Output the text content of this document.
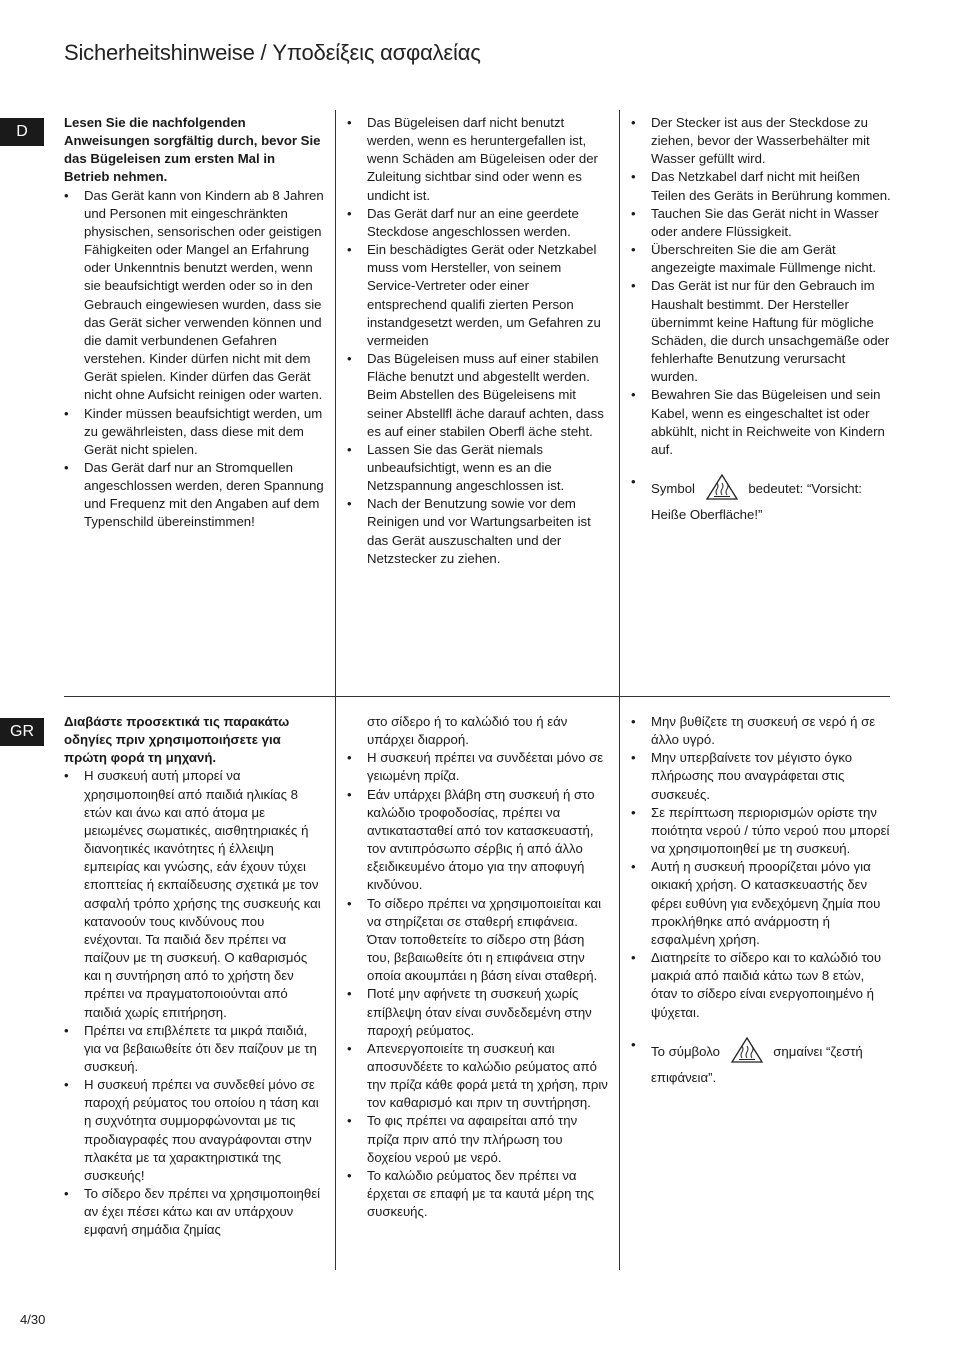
Sicherheitshinweise / Υποδείξεις ασφαλείας
D

Lesen Sie die nachfolgenden Anweisungen sorgfältig durch, bevor Sie das Bügeleisen zum ersten Mal in Betrieb nehmen.

• Das Gerät kann von Kindern ab 8 Jahren und Personen mit eingeschränkten physischen, sensorischen oder geistigen Fähigkeiten oder Mangel an Erfahrung oder Unkenntnis benutzt werden, wenn sie beaufsichtigt werden oder so in den Gebrauch eingewiesen wurden, dass sie das Gerät sicher verwenden können und die damit verbundenen Gefahren verstehen. Kinder dürfen nicht mit dem Gerät spielen. Kinder dürfen das Gerät nicht ohne Aufsicht reinigen oder warten.
• Kinder müssen beaufsichtigt werden, um zu gewährleisten, dass diese mit dem Gerät nicht spielen.
• Das Gerät darf nur an Stromquellen angeschlossen werden, deren Spannung und Frequenz mit den Angaben auf dem Typenschild übereinstimmen!
• Das Bügeleisen darf nicht benutzt werden, wenn es heruntergefallen ist, wenn Schäden am Bügeleisen oder der Zuleitung sichtbar sind oder wenn es undicht ist.
• Das Gerät darf nur an eine geerdete Steckdose angeschlossen werden.
• Ein beschädigtes Gerät oder Netzkabel muss vom Hersteller, von seinem Service-Vertreter oder einer entsprechend qualifi zierten Person instandgesetzt werden, um Gefahren zu vermeiden
• Das Bügeleisen muss auf einer stabilen Fläche benutzt und abgestellt werden. Beim Abstellen des Bügeleisens mit seiner Abstellfl äche darauf achten, dass es auf einer stabilen Oberfl äche steht.
• Lassen Sie das Gerät niemals unbeaufsichtigt, wenn es an die Netzspannung angeschlossen ist.
• Nach der Benutzung sowie vor dem Reinigen und vor Wartungsarbeiten ist das Gerät auszuschalten und der Netzstecker zu ziehen.
• Der Stecker ist aus der Steckdose zu ziehen, bevor der Wasserbehälter mit Wasser gefüllt wird.
• Das Netzkabel darf nicht mit heißen Teilen des Geräts in Berührung kommen.
• Tauchen Sie das Gerät nicht in Wasser oder andere Flüssigkeit.
• Überschreiten Sie die am Gerät angezeigte maximale Füllmenge nicht.
• Das Gerät ist nur für den Gebrauch im Haushalt bestimmt. Der Hersteller übernimmt keine Haftung für mögliche Schäden, die durch unsachgemäße oder fehlerhafte Benutzung verursacht wurden.
• Bewahren Sie das Bügeleisen und sein Kabel, wenn es eingeschaltet ist oder abkühlt, nicht in Reichweite von Kindern auf.
• Symbol	bedeutet: “Vorsicht: Heiße Oberfläche!”
GR

Διαβάστε προσεκτικά τις παρακάτω οδηγίες πριν χρησιμοποιήσετε για πρώτη φορά τη μηχανή.

• Η συσκευή αυτή μπορεί να χρησιμοποιηθεί από παιδιά ηλικίας 8 ετών και άνω και από άτομα με μειωμένες σωματικές, αισθητηριακές ή διανοητικές ικανότητες ή έλλειψη εμπειρίας και γνώσης, εάν έχουν τύχει εποπτείας ή εκπαίδευσης σχετικά με τον ασφαλή τρόπο χρήσης της συσκευής και κατανοούν τους κινδύνους που ενέχονται. Τα παιδιά δεν πρέπει να παίζουν με τη συσκευή. Ο καθαρισμός και η συντήρηση από το χρήστη δεν πρέπει να πραγματοποιούνται από παιδιά χωρίς επιτήρηση.
• Πρέπει να επιβλέπετε τα μικρά παιδιά, για να βεβαιωθείτε ότι δεν παίζουν με τη συσκευή.
• Η συσκευή πρέπει να συνδεθεί μόνο σε παροχή ρεύματος του οποίου η τάση και η συχνότητα συμμορφώνονται με τις προδιαγραφές που αναγράφονται στην πλακέτα με τα χαρακτηριστικά της συσκευής!
• Το σίδερο δεν πρέπει να χρησιμοποιηθεί αν έχει πέσει κάτω και αν υπάρχουν εμφανή σημάδια ζημίας
στο σίδερο ή το καλώδιό του ή εάν υπάρχει διαρροή.
• Η συσκευή πρέπει να συνδέεται μόνο σε γειωμένη πρίζα.
• Εάν υπάρχει βλάβη στη συσκευή ή στο καλώδιο τροφοδοσίας, πρέπει να αντικατασταθεί από τον κατασκευαστή, τον αντιπρόσωπο σέρβις ή από άλλο εξειδικευμένο άτομο για την αποφυγή κινδύνου.
• Το σίδερο πρέπει να χρησιμοποιείται και να στηρίζεται σε σταθερή επιφάνεια. Όταν τοποθετείτε το σίδερο στη βάση του, βεβαιωθείτε ότι η επιφάνεια στην οποία ακουμπάει η βάση είναι σταθερή.
• Ποτέ μην αφήνετε τη συσκευή χωρίς επίβλεψη όταν είναι συνδεδεμένη στην παροχή ρεύματος.
• Απενεργοποιείτε τη συσκευή και αποσυνδέετε το καλώδιο ρεύματος από την πρίζα κάθε φορά μετά τη χρήση, πριν τον καθαρισμό και πριν τη συντήρηση.
• Το φις πρέπει να αφαιρείται από την πρίζα πριν από την πλήρωση του δοχείου νερού με νερό.
• Το καλώδιο ρεύματος δεν πρέπει να έρχεται σε επαφή με τα καυτά μέρη της συσκευής.
• Μην βυθίζετε τη συσκευή σε νερό ή σε άλλο υγρό.
• Μην υπερβαίνετε τον μέγιστο όγκο πλήρωσης που αναγράφεται στις συσκευές.
• Σε περίπτωση περιορισμών ορίστε την ποιότητα νερού / τύπο νερού που μπορεί να χρησιμοποιηθεί με τη συσκευή.
• Αυτή η συσκευή προορίζεται μόνο για οικιακή χρήση. Ο κατασκευαστής δεν φέρει ευθύνη για ενδεχόμενη ζημία που προκλήθηκε από ανάρμοστη ή εσφαλμένη χρήση.
• Διατηρείτε το σίδερο και το καλώδιό του μακριά από παιδιά κάτω των 8 ετών, όταν το σίδερο είναι ενεργοποιημένο ή ψύχεται.
• Το σύμβολο	σημαίνει “ζεστή επιφάνεια”.
4/30
